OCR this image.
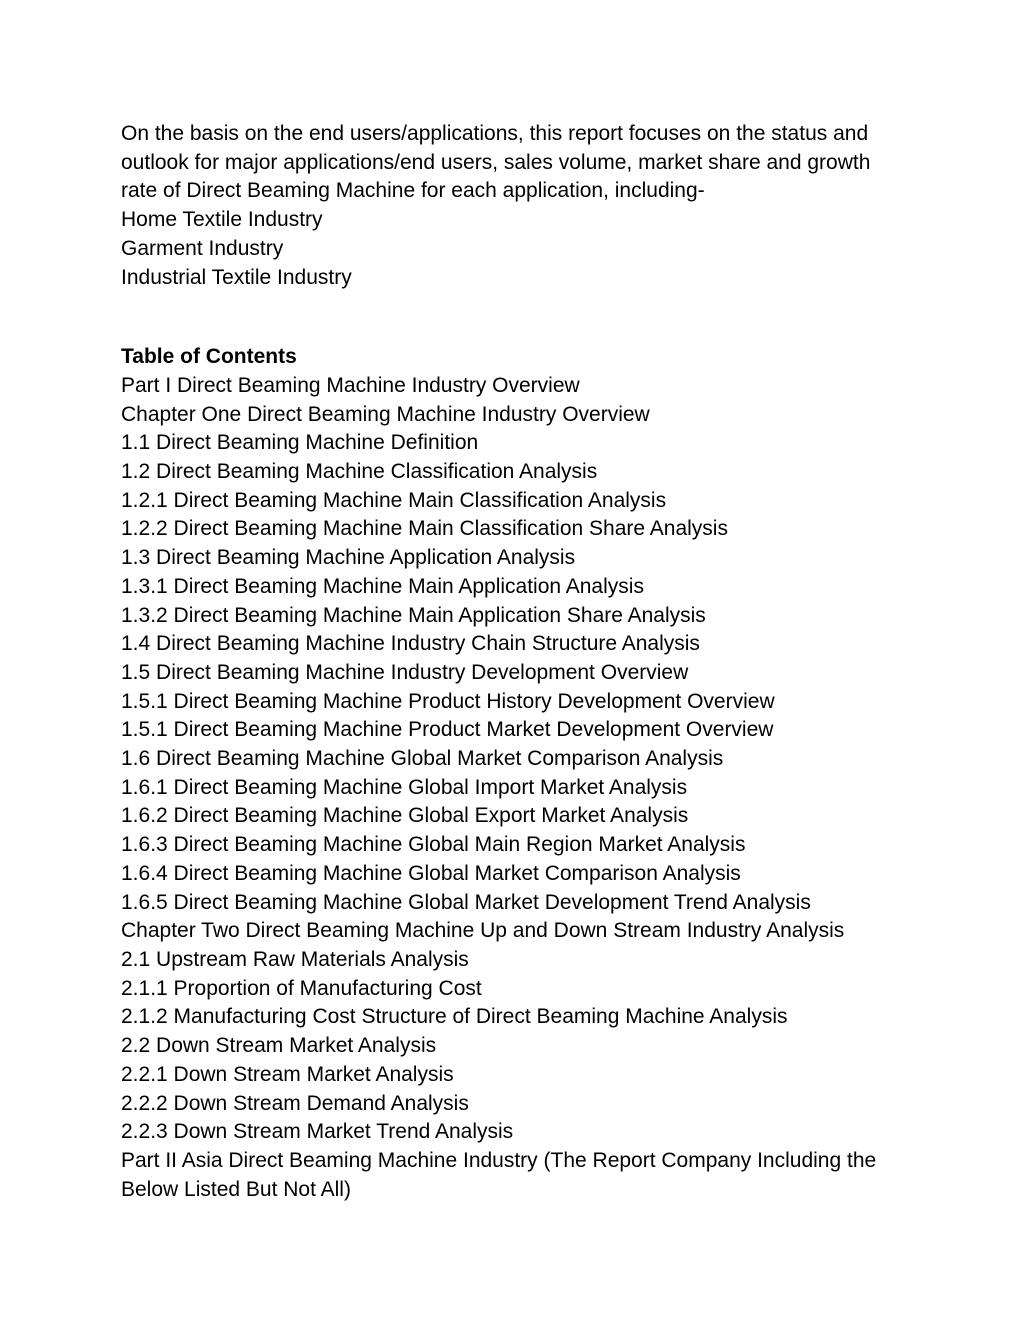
On the basis on the end users/applications, this report focuses on the status and outlook for major applications/end users, sales volume, market share and growth rate of Direct Beaming Machine for each application, including-

Home Textile Industry
Garment Industry
Industrial Textile Industry
Table of Contents
Part I Direct Beaming Machine Industry Overview
Chapter One Direct Beaming Machine Industry Overview
1.1 Direct Beaming Machine Definition
1.2 Direct Beaming Machine Classification Analysis
1.2.1 Direct Beaming Machine Main Classification Analysis
1.2.2 Direct Beaming Machine Main Classification Share Analysis
1.3 Direct Beaming Machine Application Analysis
1.3.1 Direct Beaming Machine Main Application Analysis
1.3.2 Direct Beaming Machine Main Application Share Analysis
1.4 Direct Beaming Machine Industry Chain Structure Analysis
1.5 Direct Beaming Machine Industry Development Overview
1.5.1 Direct Beaming Machine Product History Development Overview
1.5.1 Direct Beaming Machine Product Market Development Overview
1.6 Direct Beaming Machine Global Market Comparison Analysis
1.6.1 Direct Beaming Machine Global Import Market Analysis
1.6.2 Direct Beaming Machine Global Export Market Analysis
1.6.3 Direct Beaming Machine Global Main Region Market Analysis
1.6.4 Direct Beaming Machine Global Market Comparison Analysis
1.6.5 Direct Beaming Machine Global Market Development Trend Analysis
Chapter Two Direct Beaming Machine Up and Down Stream Industry Analysis
2.1 Upstream Raw Materials Analysis
2.1.1 Proportion of Manufacturing Cost
2.1.2 Manufacturing Cost Structure of Direct Beaming Machine Analysis
2.2 Down Stream Market Analysis
2.2.1 Down Stream Market Analysis
2.2.2 Down Stream Demand Analysis
2.2.3 Down Stream Market Trend Analysis
Part II Asia Direct Beaming Machine Industry (The Report Company Including the Below Listed But Not All)
